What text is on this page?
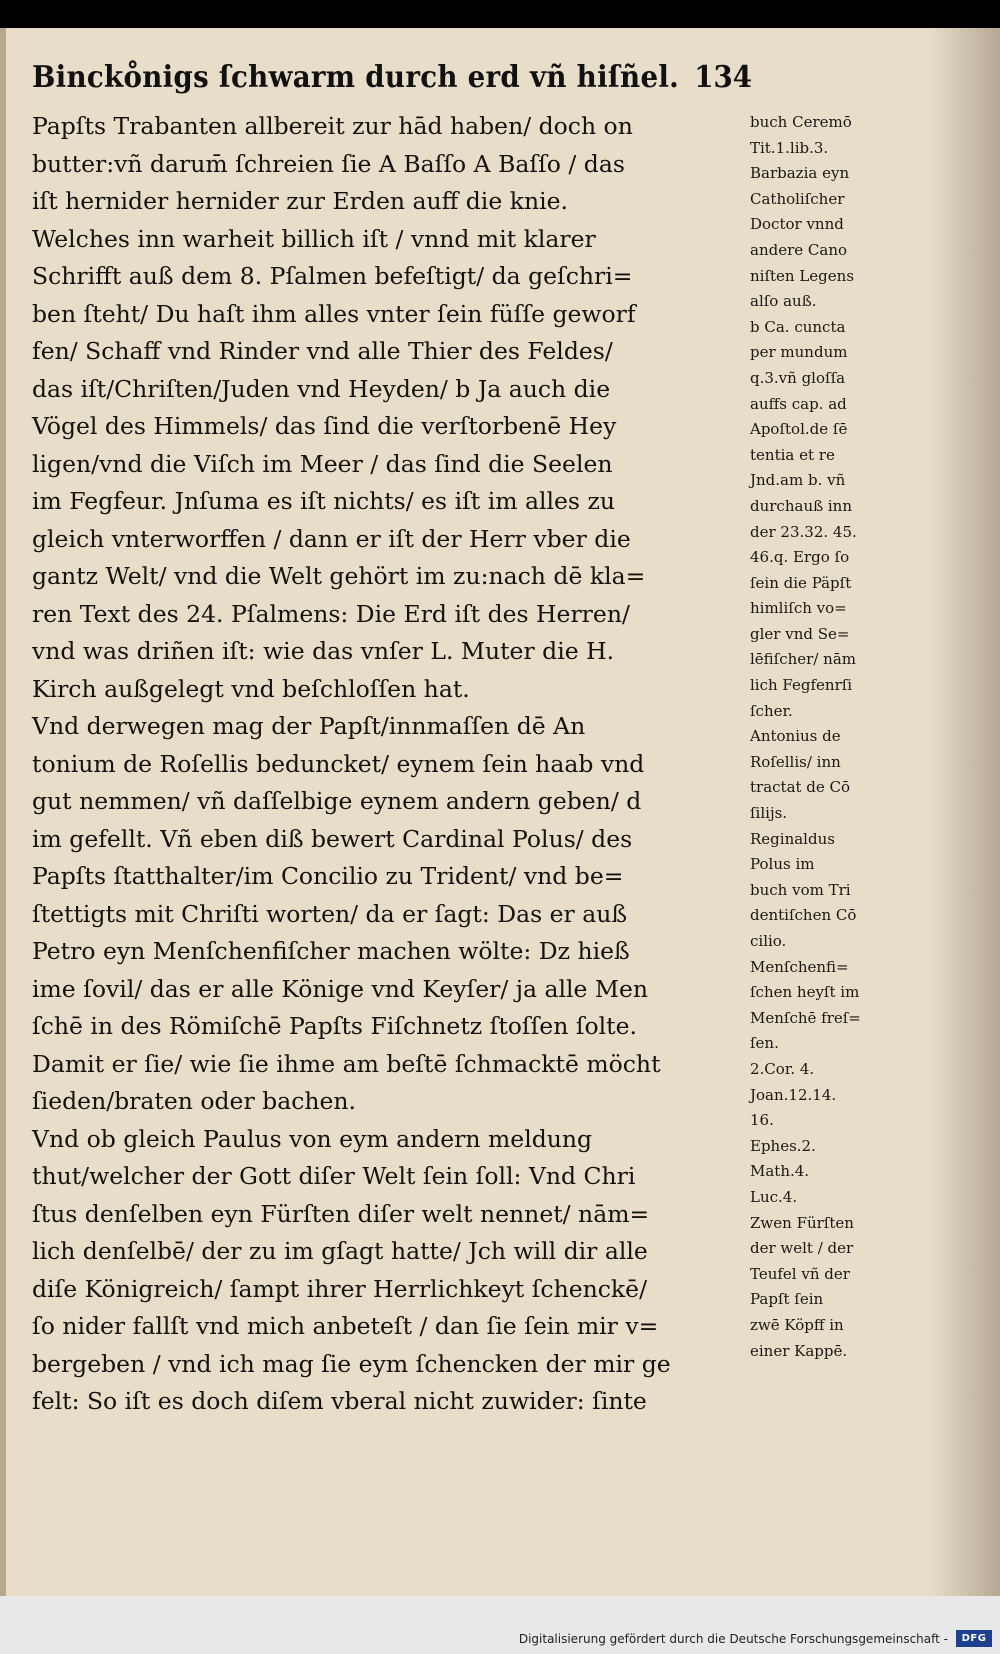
Bincko̊nigs ſchwarm durch erd vñ hiſñel. 134
Papſts Trabanten allbereit zur hād haben/ doch on
butter:vñ darum̄ ſchreien ſie A Baſſo A Baſſo / das
iſt hernider hernider zur Erden auff die knie.
Welches inn warheit billich iſt / vnnd mit klarer
Schrifft auß dem 8. Pſalmen befeſtigt/ da geſchri=
ben ſteht/ Du haſt ihm alles vnter ſein füſſe geworf
fen/ Schaff vnd Rinder vnd alle Thier des Feldes/
das iſt/Chriſten/Juden vnd Heyden/ b Ja auch die
Vögel des Himmels/ das ſind die verſtorbenē Hey
ligen/vnd die Viſch im Meer / das ſind die Seelen
im Fegfeur. Jnſuma es iſt nichts/ es iſt im alles zu
gleich vnterworffen / dann er iſt der Herr vber die
gantz Welt/ vnd die Welt gehört im zu:nach dē kla=
ren Text des 24. Pſalmens: Die Erd iſt des Herren/
vnd was driñen iſt: wie das vnſer L. Muter die H.
Kirch außgelegt vnd beſchloſſen hat.
Vnd derwegen mag der Papſt/innmaſſen dē An
tonium de Roſellis beduncket/ eynem ſein haab vnd
gut nemmen/ vñ daſſelbige eynem andern geben/ d
im gefellt. Vñ eben diß bewert Cardinal Polus/ des
Papſts ſtatthalter/im Concilio zu Trident/ vnd be=
ſtettigts mit Chriſti worten/ da er ſagt: Das er auß
Petro eyn Menſchenfiſcher machen wölte: Dz hieß
ime ſovil/ das er alle Könige vnd Keyſer/ ja alle Men
ſchē in des Römiſchē Papſts Fiſchnetz ſtoſſen ſolte.
Damit er ſie/ wie ſie ihme am beſtē ſchmacktē möcht
ſieden/braten oder bachen.
Vnd ob gleich Paulus von eym andern meldung
thut/welcher der Gott diſer Welt ſein ſoll: Vnd Chri
ſtus denſelben eyn Fürſten diſer welt nennet/ nām=
lich denſelbē/ der zu im gſagt hatte/ Jch will dir alle
diſe Königreich/ ſampt ihrer Herrlichkeyt ſchenckē/
ſo nider fallſt vnd mich anbeteſt / dan ſie ſein mir v=
bergeben / vnd ich mag ſie eym ſchencken der mir ge
felt: So iſt es doch diſem vberal nicht zuwider: ſinte
buch Ceremō
Tit.1.lib.3.
Barbazia eyn
Catholiſcher
Doctor vnnd
andere Cano
niſten Legens
alſo auß.
b Ca. cuncta
per mundum
q.3.vñ gloſſa
auffs cap. ad
Apoſtol.de ſē
tentia et re
Jnd.am b. vñ
durchauß inn
der 23.32. 45.
46.q. Ergo ſo
ſein die Päpſt
himliſch vo=
gler vnd Se=
lēfiſcher/ nām
lich Fegfenrſi
ſcher.
Antonius de
Roſellis/ inn
tractat de Cō
ſilijs.
Reginaldus
Polus im
buch vom Tri
dentiſchen Cō
cilio.
Menſchenfi=
ſchen heyſt im
Menſchē freſ=
ſen.
2.Cor. 4.
Joan.12.14.
16.
Ephes.2.
Math.4.
Luc.4.
Zwen Fürſten
der welt / der
Teufel vñ der
Papſt ſein
zwē Köpff in
einer Kappē.
Digitalisierung gefördert durch die Deutsche Forschungsgemeinschaft -	DFG
